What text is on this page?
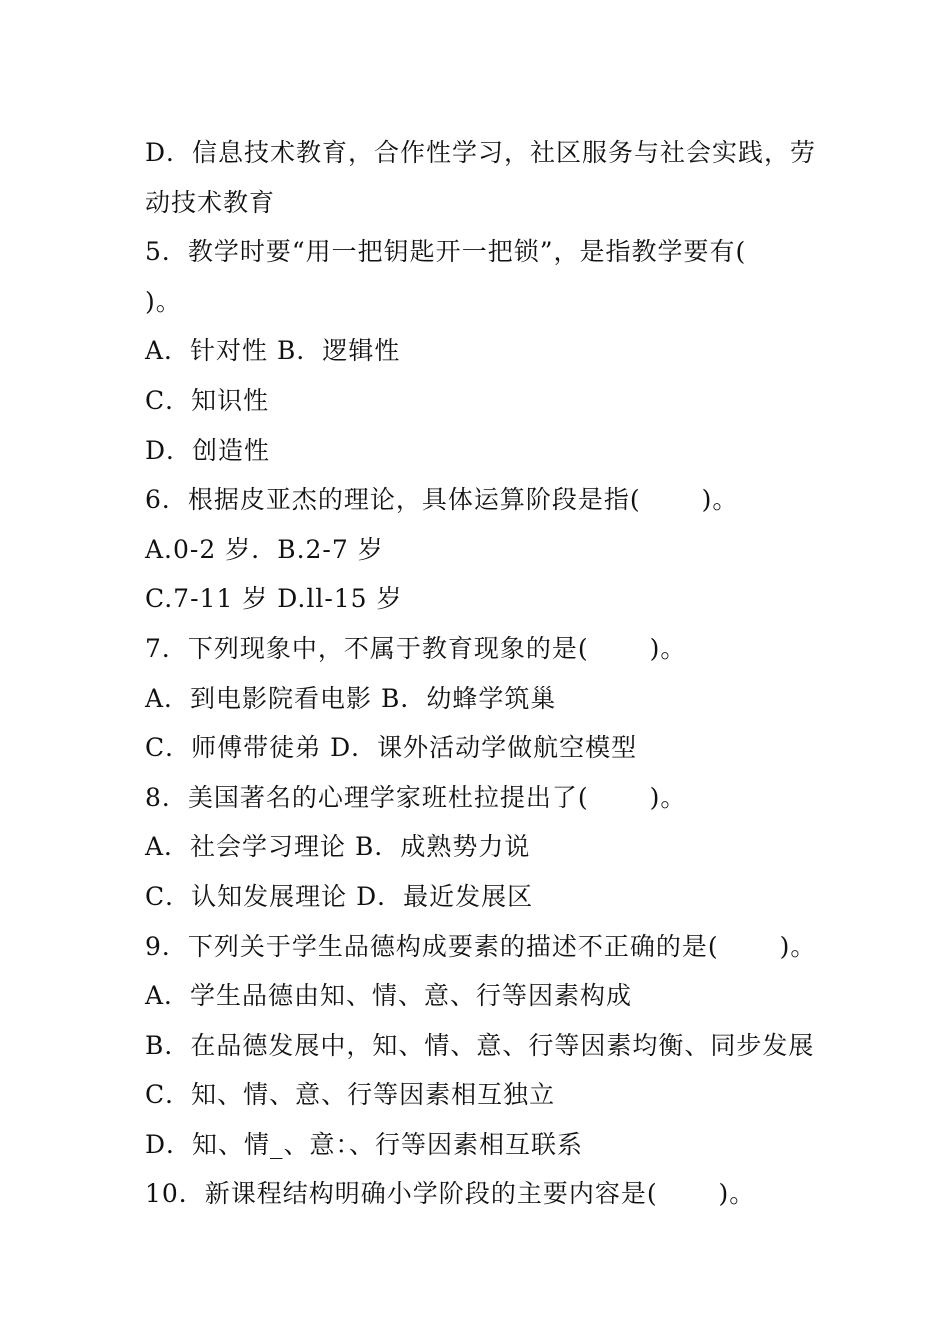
D．信息技术教育，合作性学习，社区服务与社会实践，劳
动技术教育
5．教学时要“用一把钥匙开一把锁”，是指教学要有(
)。
A．针对性 B．逻辑性
C．知识性
D．创造性
6．根据皮亚杰的理论，具体运算阶段是指(　　 )。
A.0-2 岁．B.2-7 岁
C.7-11 岁 D.ll-15 岁
7．下列现象中，不属于教育现象的是(　　 )。
A．到电影院看电影 B．幼蜂学筑巢
C．师傅带徒弟 D．课外活动学做航空模型
8．美国著名的心理学家班杜拉提出了(　　 )。
A．社会学习理论 B．成熟势力说
C．认知发展理论 D．最近发展区
9．下列关于学生品德构成要素的描述不正确的是(　　 )。
A．学生品德由知、情、意、行等因素构成
B．在品德发展中，知、情、意、行等因素均衡、同步发展
C．知、情、意、行等因素相互独立
D．知、情_、意：、行等因素相互联系
10．新课程结构明确小学阶段的主要内容是(　　 )。
